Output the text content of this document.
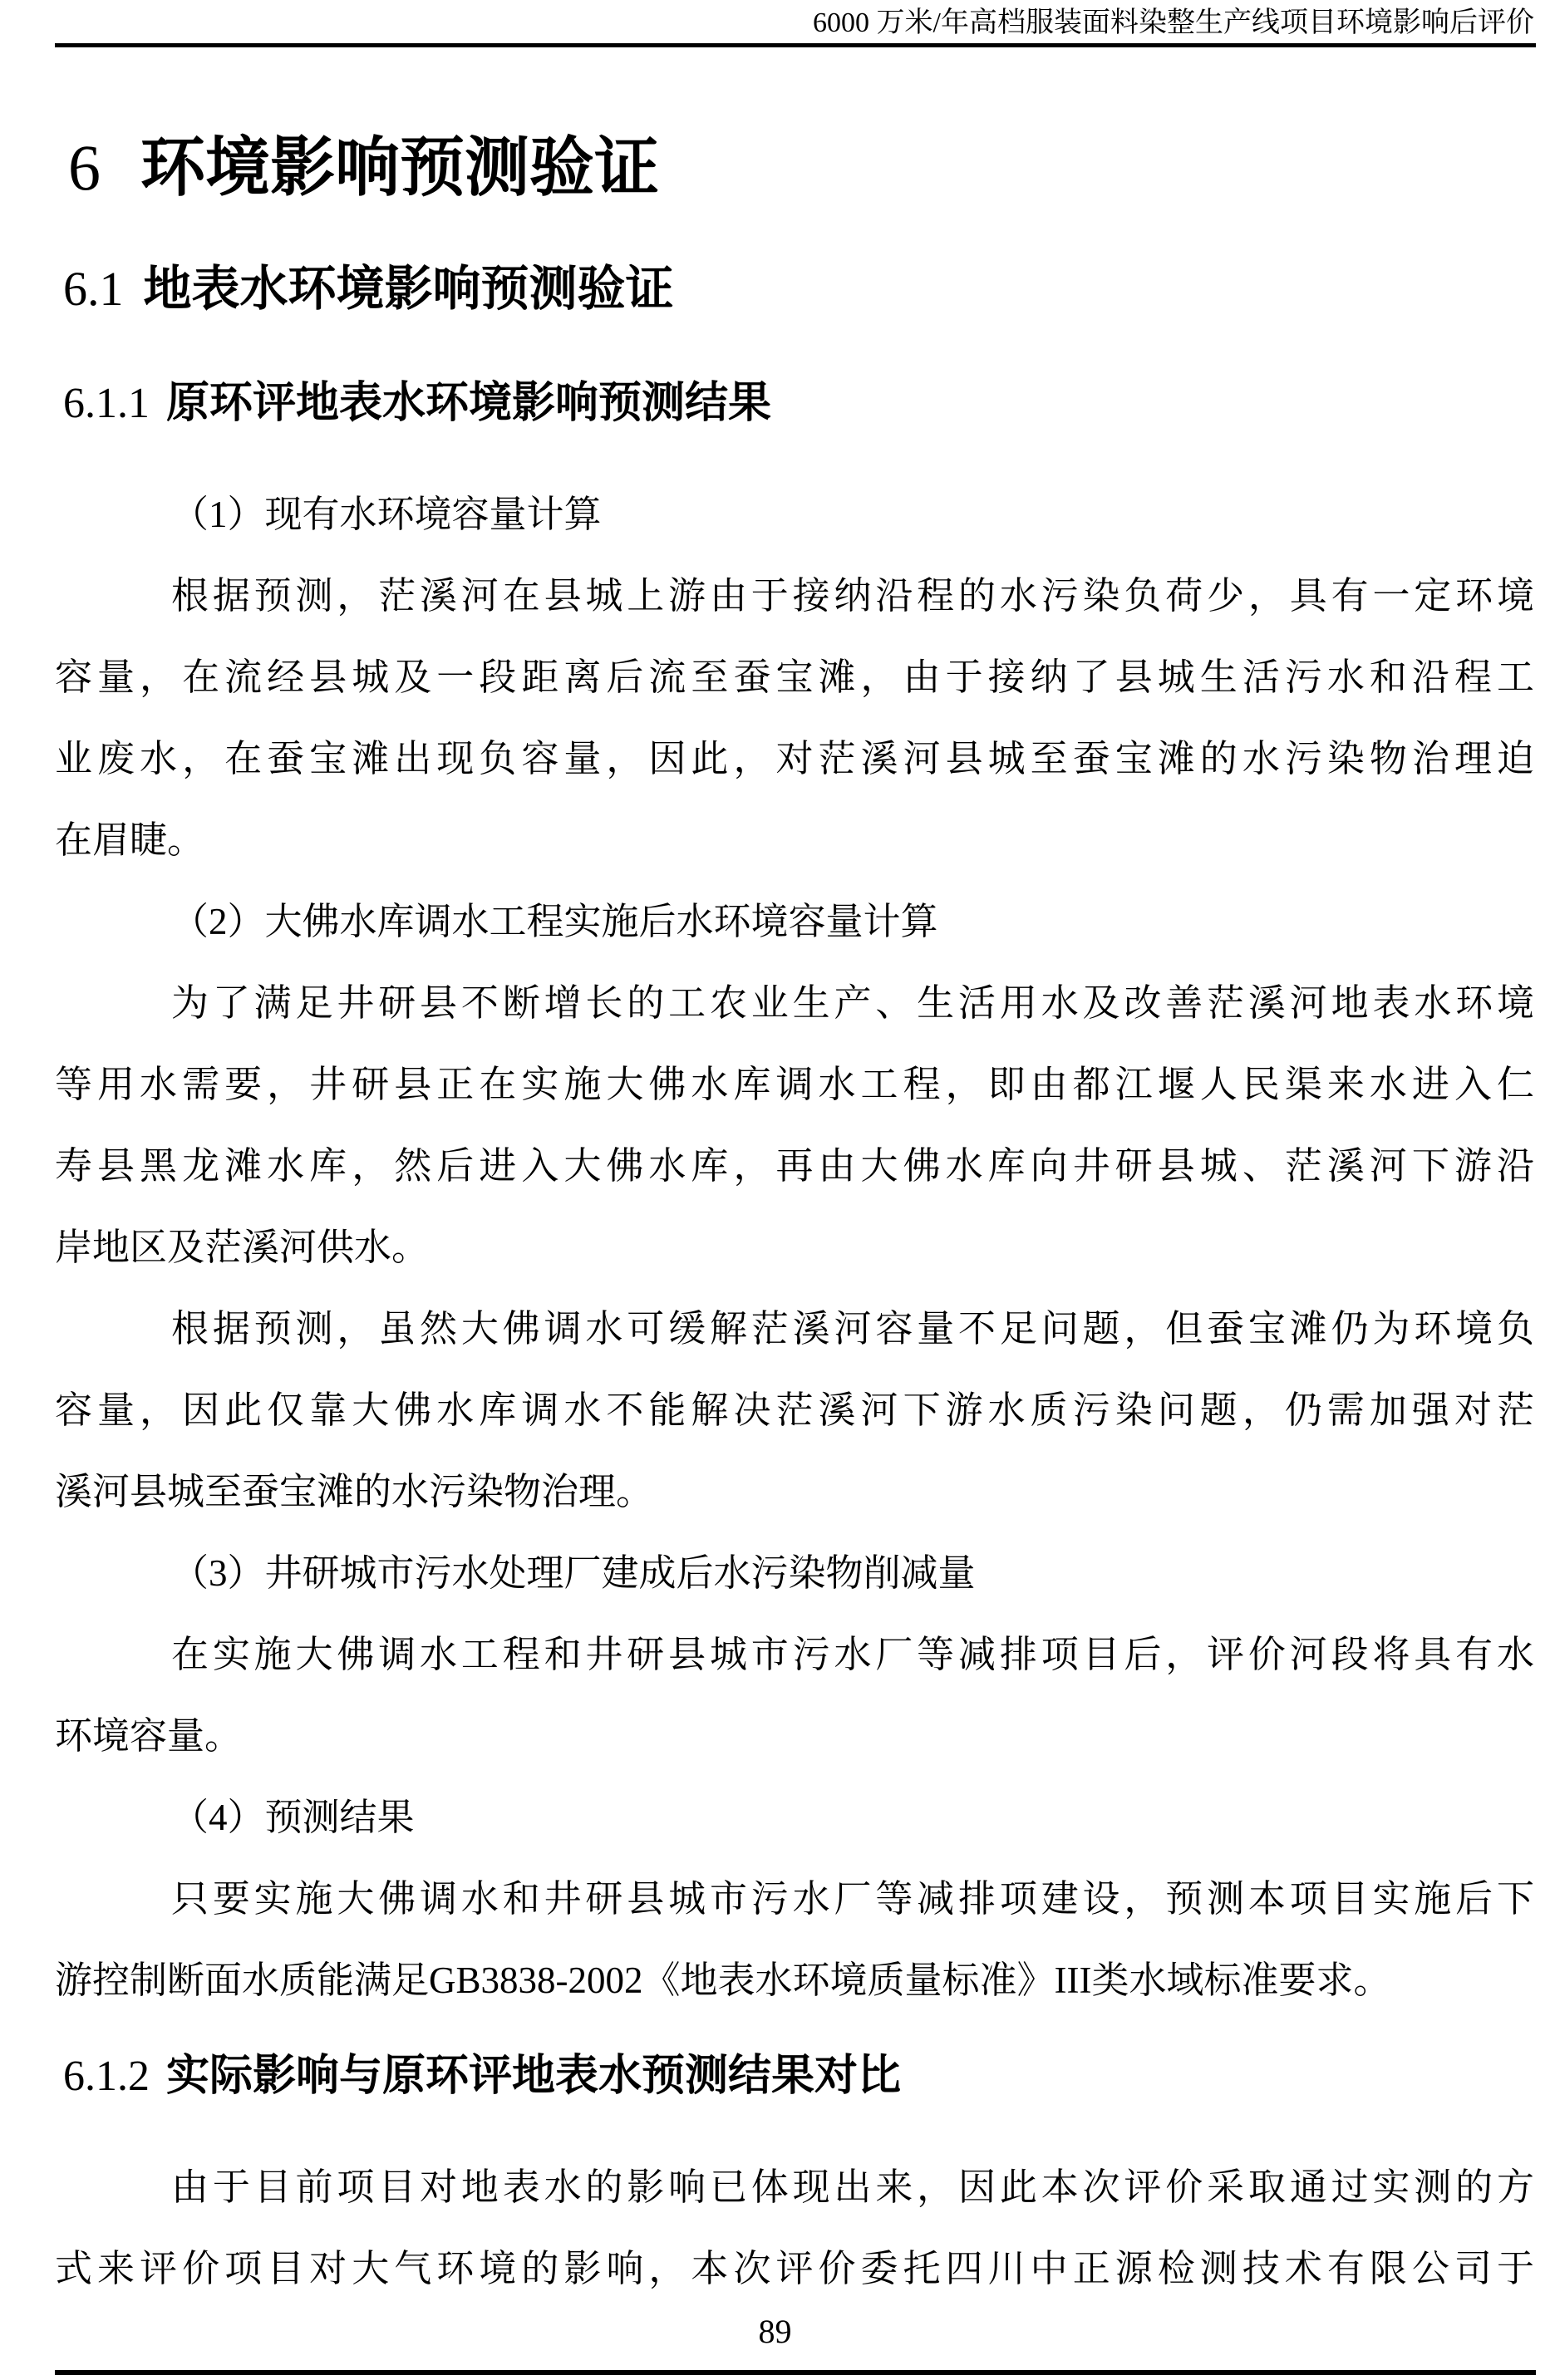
6000 万米/年高档服装面料染整生产线项目环境影响后评价
6 环境影响预测验证
6.1 地表水环境影响预测验证
6.1.1 原环评地表水环境影响预测结果
（1）现有水环境容量计算
根据预测，茫溪河在县城上游由于接纳沿程的水污染负荷少，具有一定环境
容量，在流经县城及一段距离后流至蚕宝滩，由于接纳了县城生活污水和沿程工
业废水，在蚕宝滩出现负容量，因此，对茫溪河县城至蚕宝滩的水污染物治理迫
在眉睫。
（2）大佛水库调水工程实施后水环境容量计算
为了满足井研县不断增长的工农业生产、生活用水及改善茫溪河地表水环境
等用水需要，井研县正在实施大佛水库调水工程，即由都江堰人民渠来水进入仁
寿县黑龙滩水库，然后进入大佛水库，再由大佛水库向井研县城、茫溪河下游沿
岸地区及茫溪河供水。
根据预测，虽然大佛调水可缓解茫溪河容量不足问题，但蚕宝滩仍为环境负
容量，因此仅靠大佛水库调水不能解决茫溪河下游水质污染问题，仍需加强对茫
溪河县城至蚕宝滩的水污染物治理。
（3）井研城市污水处理厂建成后水污染物削减量
在实施大佛调水工程和井研县城市污水厂等减排项目后，评价河段将具有水
环境容量。
（4）预测结果
只要实施大佛调水和井研县城市污水厂等减排项建设，预测本项目实施后下
游控制断面水质能满足GB3838-2002《地表水环境质量标准》III类水域标准要求。
6.1.2 实际影响与原环评地表水预测结果对比
由于目前项目对地表水的影响已体现出来，因此本次评价采取通过实测的方
式来评价项目对大气环境的影响，本次评价委托四川中正源检测技术有限公司于
89
